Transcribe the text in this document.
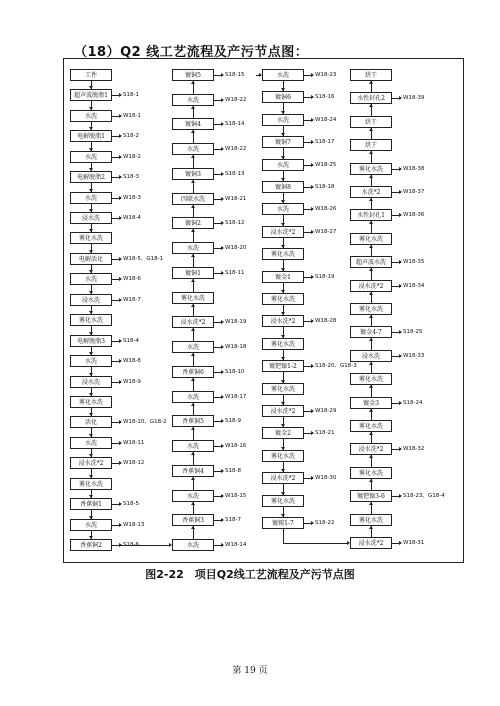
（18）Q2 线工艺流程及产污节点图：
工件
超声波脱脂1	S18-1
水洗	W18-1
电解脱脂1	S18-2
水洗	W18-2
电解脱脂2	S18-3
水洗	W18-3
浸水洗	W18-4
雾化水洗
电解活化	W18-5、G18-1
水洗	W18-6
浸水洗	W18-7
雾化水洗
电解脱脂3	S18-4
水洗	W18-8
浸水洗	W18-9
雾化水洗
活化	W18-10、G18-2
水洗	W18-11
浸水洗*2	W18-12
雾化水洗
香蕉铜1	S18-5
水洗	W18-13
香蕉铜2	S18-6
镀铜5	S18-15
水洗	W18-22
镀铜4	S18-14
水洗	W18-22
镀铜3	S18-13
四联水洗	W18-21
镀铜2	S18-12
水洗	W18-20
镀铜1	S18-11
雾化水洗
浸水洗*2	W18-19
水洗	W18-18
香蕉铜6	S18-10
水洗	W18-17
香蕉铜5	S18-9
水洗	W18-16
香蕉铜4	S18-8
水洗	W18-15
香蕉铜3	S18-7
水洗	W18-14
水洗	W18-23
镀铜6	S18-16
水洗	W18-24
镀铜7	S18-17
水洗	W18-25
镀铜8	S18-18
水洗	W18-26
浸水洗*2	W18-27
雾化水洗
镀金1	S18-19
雾化水洗
浸水洗*2	W18-28
雾化水洗
镀钯镍1-2	S18-20、G18-3
雾化水洗
浸水洗*2	W18-29
镀金2	S18-21
雾化水洗
浸水洗*2	W18-30
雾化水洗
镀锡1-7	S18-22
烘干
水性封孔2	W18-39
烘干
烘干
雾化水洗	W18-38
水洗*2	W18-37
水性封孔1	W18-36
雾化水洗
超声波水洗	W18-35
浸水洗*2	W18-34
雾化水洗
镀金4-7	S18-25
浸水洗	W18-33
雾化水洗
镀金3	S18-24
雾化水洗
浸水洗*2	W18-32
雾化水洗
镀钯镍3-6	S18-23、G18-4
雾化水洗
浸水洗*2	W18-31
图2-22　项目Q2线工艺流程及产污节点图
第 19 页
